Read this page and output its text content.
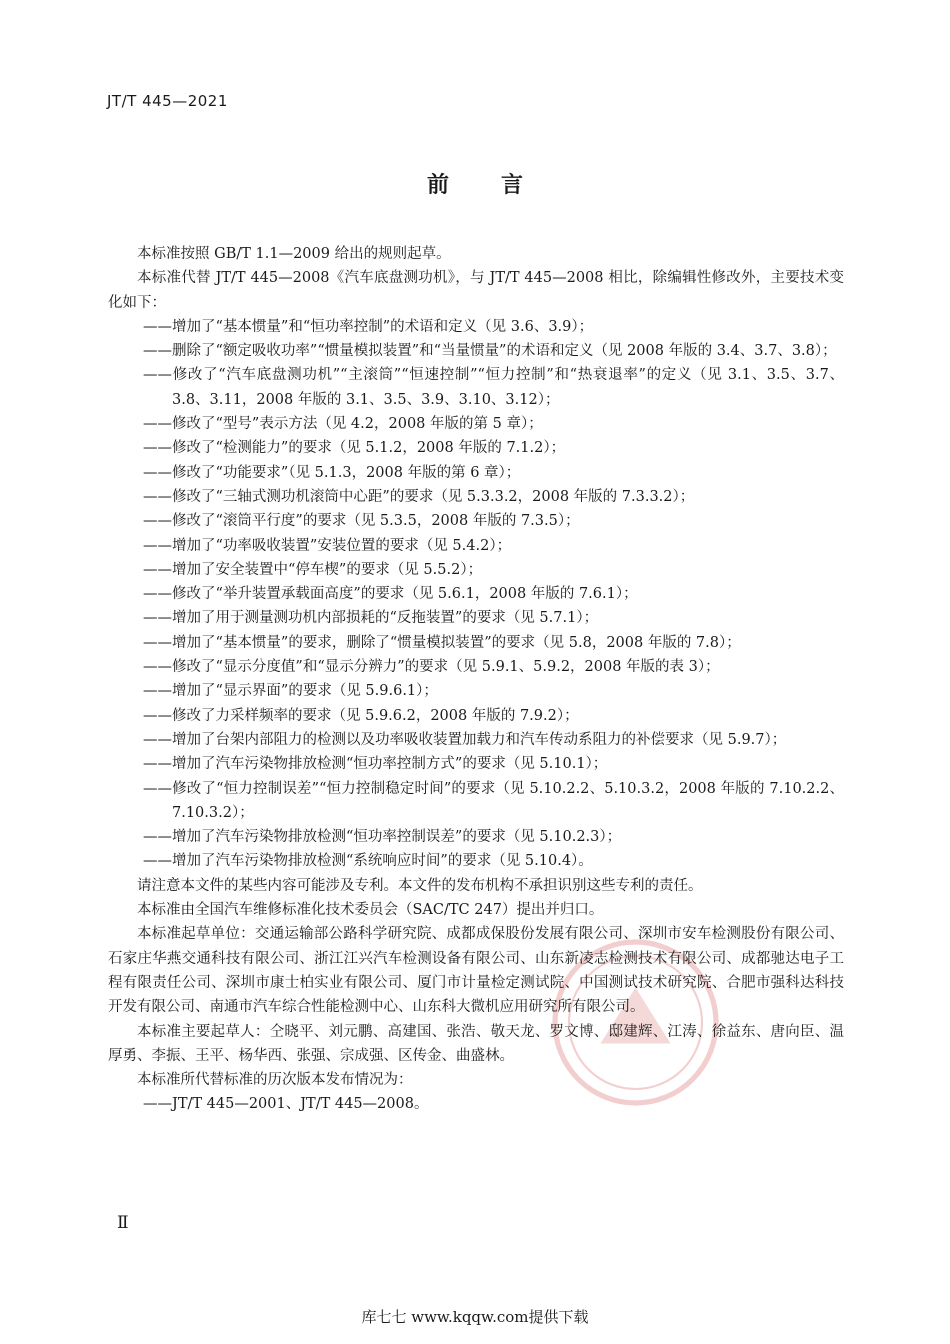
JT/T 445—2021
前 言

本标准按照 GB/T 1.1—2009 给出的规则起草。

本标准代替 JT/T 445—2008《汽车底盘测功机》，与 JT/T 445—2008 相比，除编辑性修改外，主要技术变化如下：

——增加了“基本惯量”和“恒功率控制”的术语和定义（见 3.6、3.9）；

——删除了“额定吸收功率”“惯量模拟装置”和“当量惯量”的术语和定义（见 2008 年版的 3.4、3.7、3.8）；

——修改了“汽车底盘测功机”“主滚筒”“恒速控制”“恒力控制”和“热衰退率”的定义（见 3.1、3.5、3.7、3.8、3.11，2008 年版的 3.1、3.5、3.9、3.10、3.12）；

——修改了“型号”表示方法（见 4.2，2008 年版的第 5 章）；

——修改了“检测能力”的要求（见 5.1.2，2008 年版的 7.1.2）；

——修改了“功能要求”（见 5.1.3，2008 年版的第 6 章）；

——修改了“三轴式测功机滚筒中心距”的要求（见 5.3.3.2，2008 年版的 7.3.3.2）；

——修改了“滚筒平行度”的要求（见 5.3.5，2008 年版的 7.3.5）；

——增加了“功率吸收装置”安装位置的要求（见 5.4.2）；

——增加了安全装置中“停车楔”的要求（见 5.5.2）；

——修改了“举升装置承载面高度”的要求（见 5.6.1，2008 年版的 7.6.1）；

——增加了用于测量测功机内部损耗的“反拖装置”的要求（见 5.7.1）；

——增加了“基本惯量”的要求，删除了“惯量模拟装置”的要求（见 5.8，2008 年版的 7.8）；

——修改了“显示分度值”和“显示分辨力”的要求（见 5.9.1、5.9.2，2008 年版的表 3）；

——增加了“显示界面”的要求（见 5.9.6.1）；

——修改了力采样频率的要求（见 5.9.6.2，2008 年版的 7.9.2）；

——增加了台架内部阻力的检测以及功率吸收装置加载力和汽车传动系阻力的补偿要求（见 5.9.7）；

——增加了汽车污染物排放检测“恒功率控制方式”的要求（见 5.10.1）；

——修改了“恒力控制误差”“恒力控制稳定时间”的要求（见 5.10.2.2、5.10.3.2，2008 年版的 7.10.2.2、7.10.3.2）；

——增加了汽车污染物排放检测“恒功率控制误差”的要求（见 5.10.2.3）；

——增加了汽车污染物排放检测“系统响应时间”的要求（见 5.10.4）。

请注意本文件的某些内容可能涉及专利。本文件的发布机构不承担识别这些专利的责任。

本标准由全国汽车维修标准化技术委员会（SAC/TC 247）提出并归口。

本标准起草单位：交通运输部公路科学研究院、成都成保股份发展有限公司、深圳市安车检测股份有限公司、石家庄华燕交通科技有限公司、浙江江兴汽车检测设备有限公司、山东新凌志检测技术有限公司、成都驰达电子工程有限责任公司、深圳市康士柏实业有限公司、厦门市计量检定测试院、中国测试技术研究院、合肥市强科达科技开发有限公司、南通市汽车综合性能检测中心、山东科大微机应用研究所有限公司。

本标准主要起草人：仝晓平、刘元鹏、高建国、张浩、敬天龙、罗文博、邸建辉、江涛、徐益东、唐向臣、温厚勇、李振、王平、杨华西、张强、宗成强、区传金、曲盛林。

本标准所代替标准的历次版本发布情况为：

——JT/T 445—2001、JT/T 445—2008。

Ⅱ
库七七 www.kqqw.com提供下载
